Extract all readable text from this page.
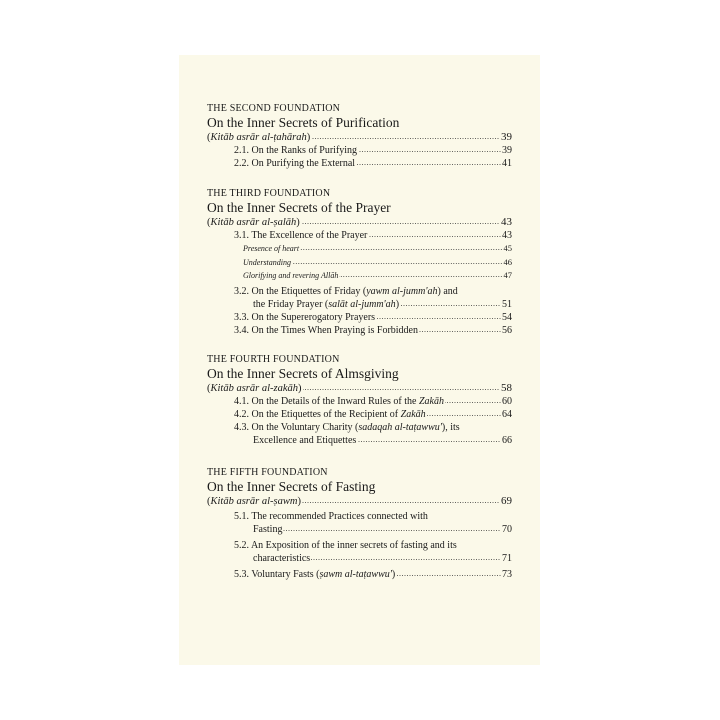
THE SECOND FOUNDATION
On the Inner Secrets of Purification
(Kitāb asrār al-ṭahārah) .....	39
2.1. On the Ranks of Purifying .....	39
2.2. On Purifying the External .....	41
THE THIRD FOUNDATION
On the Inner Secrets of the Prayer
(Kitāb asrār al-ṣalāh) .....	43
3.1. The Excellence of the Prayer .....	43
Presence of heart .....	45
Understanding .....	46
Glorifying and revering Allāh .....	47
3.2. On the Etiquettes of Friday (yawm al-jumm'ah) and
the Friday Prayer (salāt al-jumm'ah) .....	51
3.3. On the Supererogatory Prayers .....	54
3.4. On the Times When Praying is Forbidden .....	56
THE FOURTH FOUNDATION
On the Inner Secrets of Almsgiving
(Kitāb asrār al-zakāh) .....	58
4.1. On the Details of the Inward Rules of the Zakāh .....	60
4.2. On the Etiquettes of the Recipient of Zakāh .....	64
4.3. On the Voluntary Charity (sadaqah al-taṭawwu'), its
Excellence and Etiquettes .....	66
THE FIFTH FOUNDATION
On the Inner Secrets of Fasting
(Kitāb asrār al-ṣawm) .....	69
5.1. The recommended Practices connected with
Fasting .....	70
5.2. An Exposition of the inner secrets of fasting and its
characteristics .....	71
5.3. Voluntary Fasts (ṣawm al-taṭawwu') .....	73
